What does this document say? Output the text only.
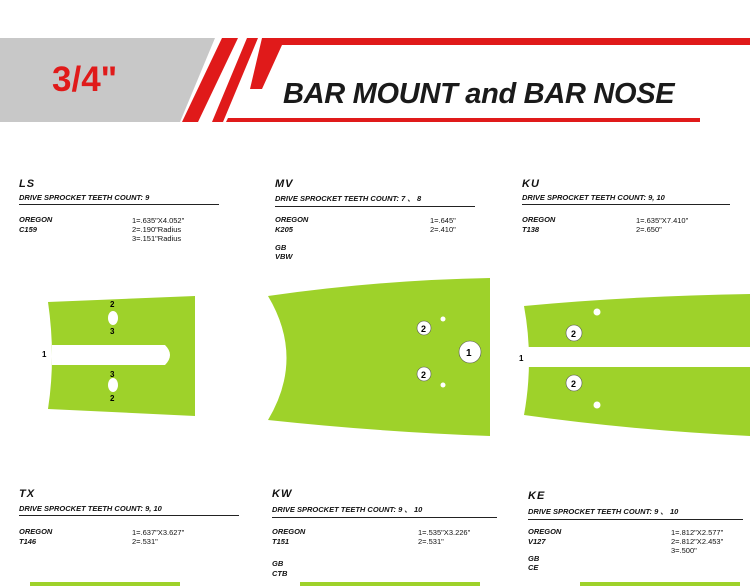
3/4"	BAR MOUNT and BAR NOSE
LS
DRIVE SPROCKET TEETH COUNT: 9
OREGON
C159
1=.635"X4.052"
2=.190"Radius
3=.151"Radius
MV
DRIVE SPROCKET TEETH COUNT: 7 、 8
OREGON
K205
1=.645"
2=.410"
GB
VBW
KU
DRIVE SPROCKET TEETH COUNT: 9, 10
OREGON
T138
1=.635"X7.410"
2=.650"
1
2
3
3
2
2
2
1	1
2
2
TX
DRIVE SPROCKET TEETH COUNT: 9, 10
OREGON
T146
1=.637"X3.627"
2=.531"
KW
DRIVE SPROCKET TEETH COUNT: 9 、 10
OREGON
T151
1=.535"X3.226"
2=.531"
GB
CTB
KE
DRIVE SPROCKET TEETH COUNT: 9 、 10
OREGON
V127
1=.812"X2.577"
2=.812"X2.453"
3=.500"
GB
CE
